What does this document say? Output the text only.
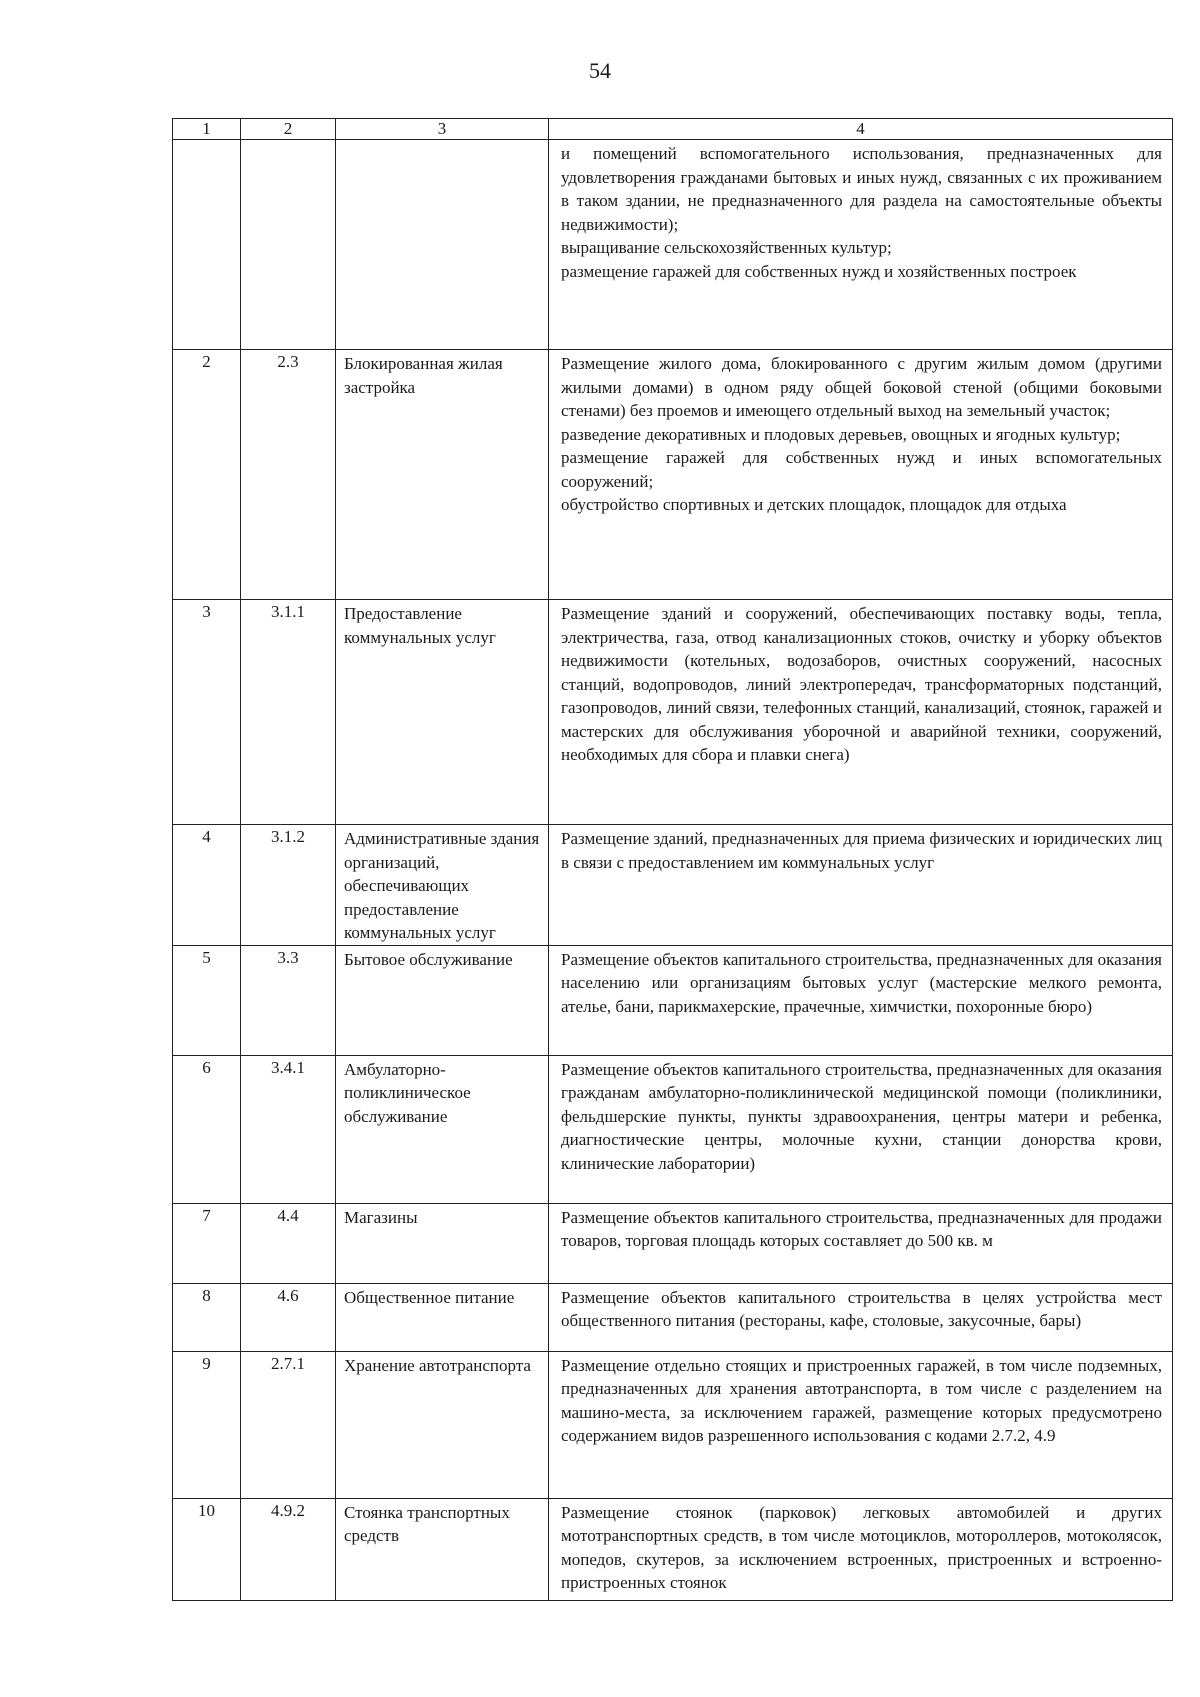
54
1	2	3	4

			и помещений вспомогательного использования, предназначенных для удовлетворения гражданами бытовых и иных нужд, связанных с их проживанием в таком здании, не предназначенного для раздела на самостоятельные объекты недвижимости);
выращивание сельскохозяйственных культур;
размещение гаражей для собственных нужд и хозяйственных построек

2	2.3	Блокированная жилая застройка	Размещение жилого дома, блокированного с другим жилым домом (другими жилыми домами) в одном ряду общей боковой стеной (общими боковыми стенами) без проемов и имеющего отдельный выход на земельный участок;
разведение декоративных и плодовых деревьев, овощных и ягодных культур;
размещение гаражей для собственных нужд и иных вспомогательных сооружений;
обустройство спортивных и детских площадок, площадок для отдыха

3	3.1.1	Предоставление коммунальных услуг	Размещение зданий и сооружений, обеспечивающих поставку воды, тепла, электричества, газа, отвод канализационных стоков, очистку и уборку объектов недвижимости (котельных, водозаборов, очистных сооружений, насосных станций, водопроводов, линий электропередач, трансформаторных подстанций, газопроводов, линий связи, телефонных станций, канализаций, стоянок, гаражей и мастерских для обслуживания уборочной и аварийной техники, сооружений, необходимых для сбора и плавки снега)

4	3.1.2	Административные здания организаций, обеспечивающих предоставление коммунальных услуг	Размещение зданий, предназначенных для приема физических и юридических лиц в связи с предоставлением им коммунальных услуг

5	3.3	Бытовое обслуживание	Размещение объектов капитального строительства, предназначенных для оказания населению или организациям бытовых услуг (мастерские мелкого ремонта, ателье, бани, парикмахерские, прачечные, химчистки, похоронные бюро)

6	3.4.1	Амбулаторно-поликлиническое обслуживание	Размещение объектов капитального строительства, предназначенных для оказания гражданам амбулаторно-поликлинической медицинской помощи (поликлиники, фельдшерские пункты, пункты здравоохранения, центры матери и ребенка, диагностические центры, молочные кухни, станции донорства крови, клинические лаборатории)

7	4.4	Магазины	Размещение объектов капитального строительства, предназначенных для продажи товаров, торговая площадь которых составляет до 500 кв. м

8	4.6	Общественное питание	Размещение объектов капитального строительства в целях устройства мест общественного питания (рестораны, кафе, столовые, закусочные, бары)

9	2.7.1	Хранение автотранспорта	Размещение отдельно стоящих и пристроенных гаражей, в том числе подземных, предназначенных для хранения автотранспорта, в том числе с разделением на машино-места, за исключением гаражей, размещение которых предусмотрено содержанием видов разрешенного использования с кодами 2.7.2, 4.9

10	4.9.2	Стоянка транспортных средств	Размещение стоянок (парковок) легковых автомобилей и других мототранспортных средств, в том числе мотоциклов, мотороллеров, мотоколясок, мопедов, скутеров, за исключением встроенных, пристроенных и встроенно-пристроенных стоянок
